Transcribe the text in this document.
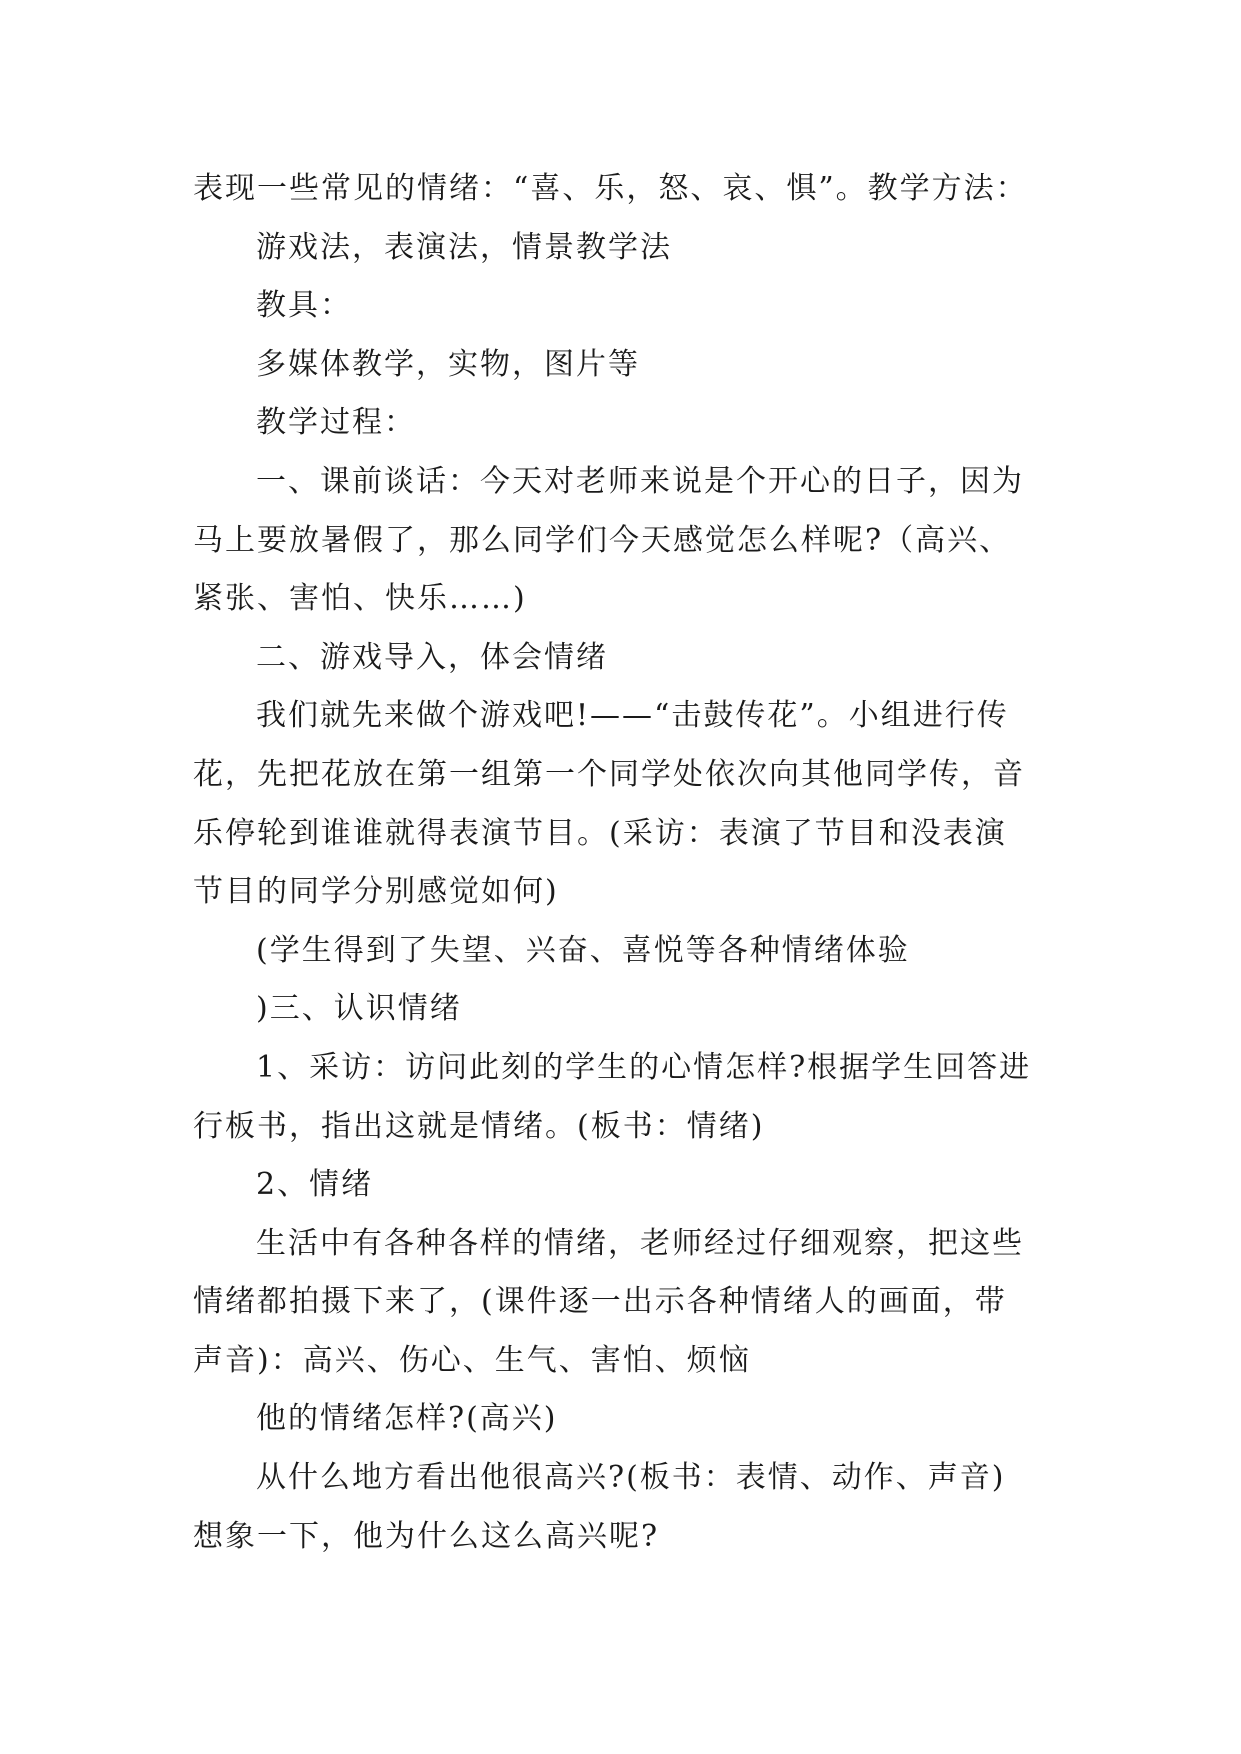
表现一些常见的情绪：“喜、乐，怒、哀、惧”。教学方法：
游戏法，表演法，情景教学法
教具：
多媒体教学，实物，图片等
教学过程：
一、课前谈话：今天对老师来说是个开心的日子，因为
马上要放暑假了，那么同学们今天感觉怎么样呢?（高兴、
紧张、害怕、快乐……)
二、游戏导入，体会情绪
我们就先来做个游戏吧!——“击鼓传花”。小组进行传
花，先把花放在第一组第一个同学处依次向其他同学传，音
乐停轮到谁谁就得表演节目。(采访：表演了节目和没表演
节目的同学分别感觉如何)
(学生得到了失望、兴奋、喜悦等各种情绪体验
)三、认识情绪
1、采访：访问此刻的学生的心情怎样?根据学生回答进
行板书，指出这就是情绪。(板书：情绪)
2、情绪
生活中有各种各样的情绪，老师经过仔细观察，把这些
情绪都拍摄下来了，(课件逐一出示各种情绪人的画面，带
声音)：高兴、伤心、生气、害怕、烦恼
他的情绪怎样?(高兴)
从什么地方看出他很高兴?(板书：表情、动作、声音)
想象一下，他为什么这么高兴呢?
